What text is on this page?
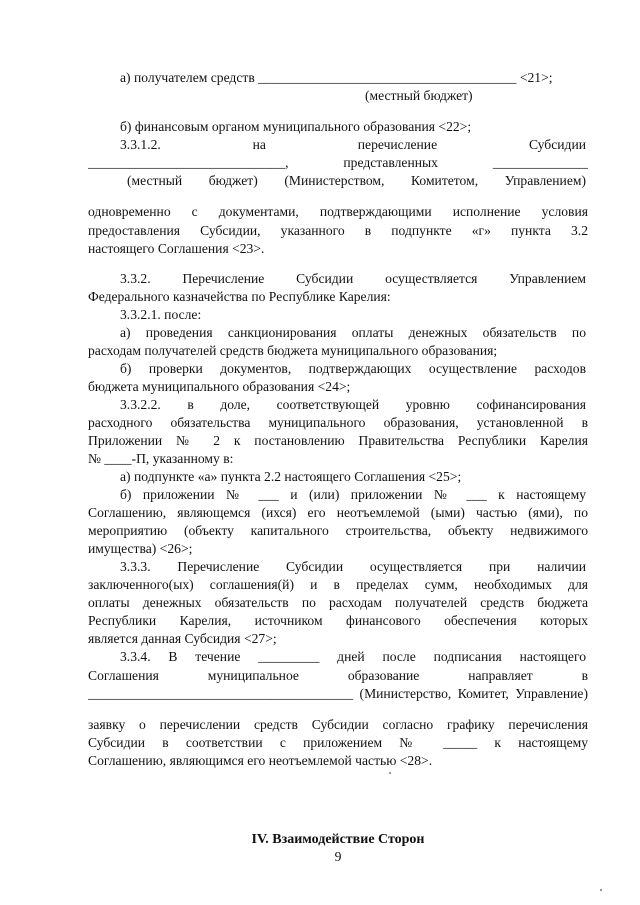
а) получателем средств ______________________________________ <21>;
(местный бюджет)
б) финансовым органом муниципального образования <22>;
3.3.1.2. на перечисление Субсидии
_____________________________, представленных ______________
(местный бюджет) (Министерством, Комитетом, Управлением)
одновременно с документами, подтверждающими исполнение условия
предоставления Субсидии, указанного в подпункте «г» пункта 3.2
настоящего Соглашения <23>.
3.3.2. Перечисление Субсидии осуществляется Управлением
Федерального казначейства по Республике Карелия:
3.3.2.1. после:
а) проведения санкционирования оплаты денежных обязательств по
расходам получателей средств бюджета муниципального образования;
б) проверки документов, подтверждающих осуществление расходов
бюджета муниципального образования <24>;
3.3.2.2. в доле, соответствующей уровню софинансирования
расходного обязательства муниципального образования, установленной в
Приложении № 2 к постановлению Правительства Республики Карелия
№ ____-П, указанному в:
а) подпункте «а» пункта 2.2 настоящего Соглашения <25>;
б) приложении № ___ и (или) приложении № ___ к настоящему
Соглашению, являющемся (ихся) его неотъемлемой (ыми) частью (ями), по
мероприятию (объекту капитального строительства, объекту недвижимого
имущества) <26>;
3.3.3. Перечисление Субсидии осуществляется при наличии
заключенного(ых) соглашения(й) и в пределах сумм, необходимых для
оплаты денежных обязательств по расходам получателей средств бюджета
Республики Карелия, источником финансового обеспечения которых
является данная Субсидия <27>;
3.3.4. В течение _________ дней после подписания настоящего
Соглашения муниципальное образование направляет в
_______________________________________ (Министерство, Комитет, Управление)
заявку о перечислении средств Субсидии согласно графику перечисления
Субсидии в соответствии с приложением № _____ к настоящему
Соглашению, являющимся его неотъемлемой частью <28>.
IV. Взаимодействие Сторон
9
